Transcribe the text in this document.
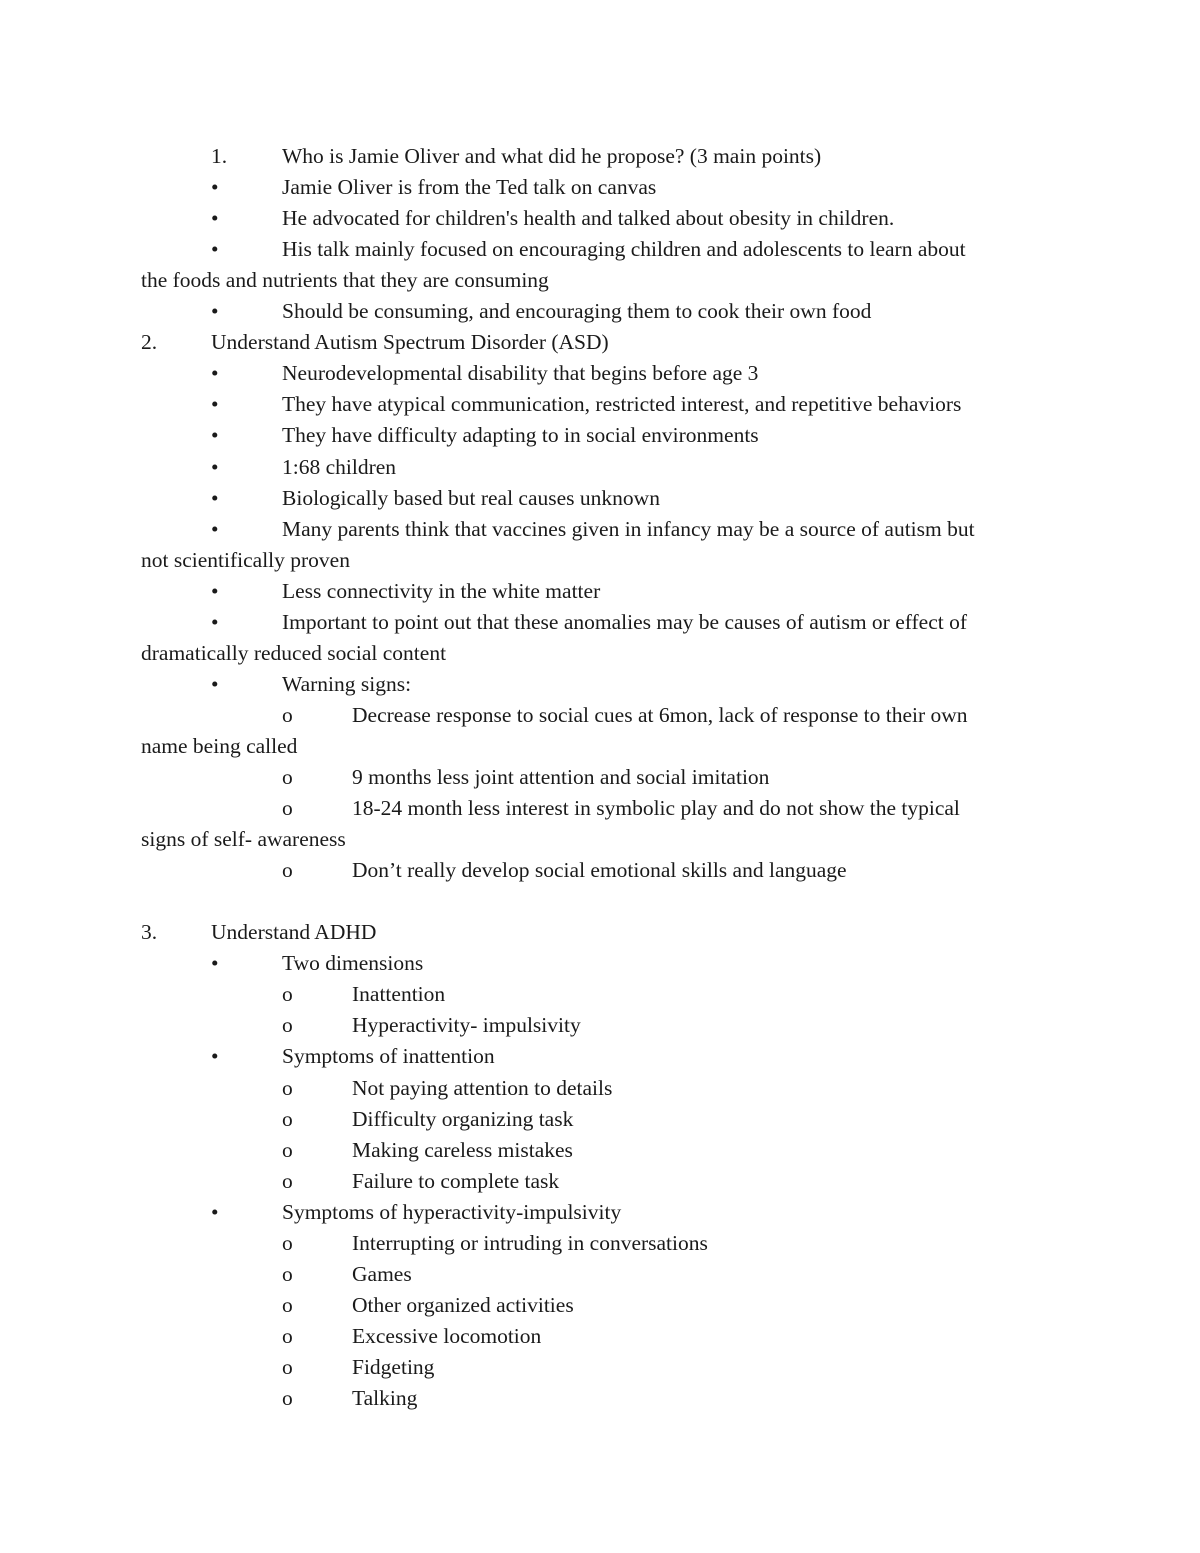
1.	Who is Jamie Oliver and what did he propose? (3 main points)
•	Jamie Oliver is from the Ted talk on canvas
•	He advocated for children's health and talked about obesity in children.
•	His talk mainly focused on encouraging children and adolescents to learn about
the foods and nutrients that they are consuming
•	Should be consuming, and encouraging them to cook their own food
2.	Understand Autism Spectrum Disorder (ASD)
•	Neurodevelopmental disability that begins before age 3
•	They have atypical communication, restricted interest, and repetitive behaviors
•	They have difficulty adapting to in social environments
•	1:68 children
•	Biologically based but real causes unknown
•	Many parents think that vaccines given in infancy may be a source of autism but
not scientifically proven
•	Less connectivity in the white matter
•	Important to point out that these anomalies may be causes of autism or effect of
dramatically reduced social content
•	Warning signs:
o	Decrease response to social cues at 6mon, lack of response to their own
name being called
o	9 months less joint attention and social imitation
o	18-24 month less interest in symbolic play and do not show the typical
signs of self- awareness
o	Don’t really develop social emotional skills and language
3.	Understand ADHD
•	Two dimensions
o	Inattention
o	Hyperactivity- impulsivity
•	Symptoms of inattention
o	Not paying attention to details
o	Difficulty organizing task
o	Making careless mistakes
o	Failure to complete task
•	Symptoms of hyperactivity-impulsivity
o	Interrupting or intruding in conversations
o	Games
o	Other organized activities
o	Excessive locomotion
o	Fidgeting
o	Talking
